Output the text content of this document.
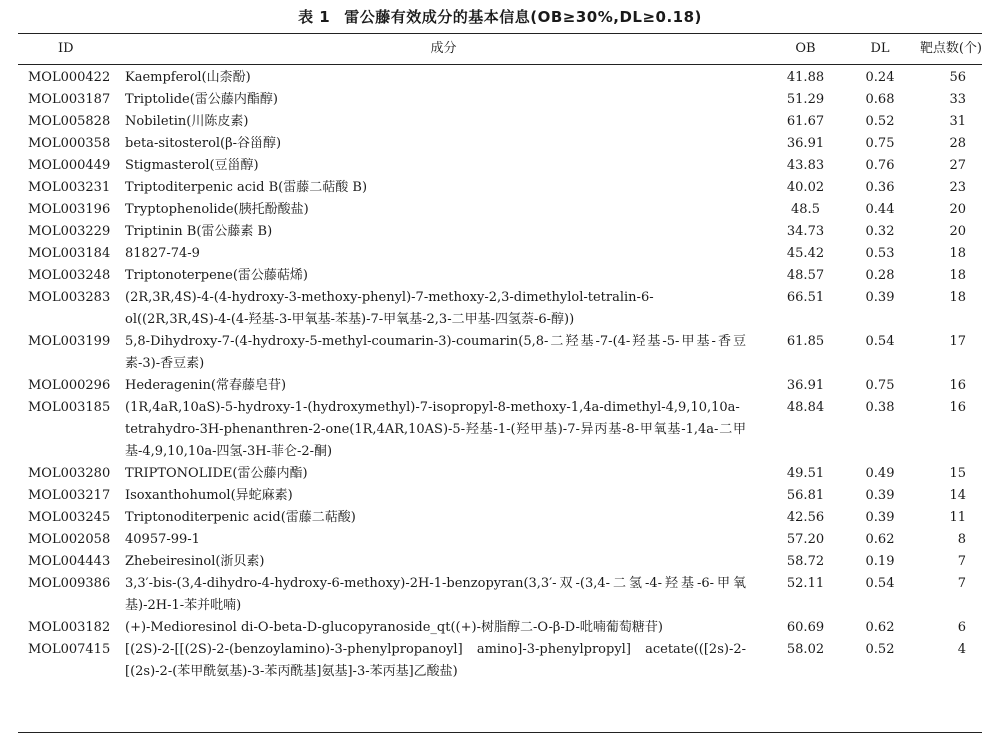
表 1 雷公藤有效成分的基本信息(OB≥30%,DL≥0.18)
ID	成分	OB	DL	靶点数(个)
MOL000422	Kaempferol(山柰酚)	41.88	0.24	56
MOL003187	Triptolide(雷公藤内酯醇)	51.29	0.68	33
MOL005828	Nobiletin(川陈皮素)	61.67	0.52	31
MOL000358	beta-sitosterol(β-谷甾醇)	36.91	0.75	28
MOL000449	Stigmasterol(豆甾醇)	43.83	0.76	27
MOL003231	Triptoditerpenic acid B(雷藤二萜酸 B)	40.02	0.36	23
MOL003196	Tryptophenolide(胰托酚酸盐)	48.5	0.44	20
MOL003229	Triptinin B(雷公藤素 B)	34.73	0.32	20
MOL003184	81827-74-9	45.42	0.53	18
MOL003248	Triptonoterpene(雷公藤萜烯)	48.57	0.28	18
MOL003283	(2R,3R,4S)-4-(4-hydroxy-3-methoxy-phenyl)-7-methoxy-2,3-dimethylol-tetralin-6-ol((2R,3R,4S)-4-(4-羟基-3-甲氧基-苯基)-7-甲氧基-2,3-二甲基-四氢萘-6-醇))	66.51	0.39	18
MOL003199	5,8-Dihydroxy-7-(4-hydroxy-5-methyl-coumarin-3)-coumarin(5,8-二羟基-7-(4-羟基-5-甲基-香豆素-3)-香豆素)	61.85	0.54	17
MOL000296	Hederagenin(常春藤皂苷)	36.91	0.75	16
MOL003185	(1R,4aR,10aS)-5-hydroxy-1-(hydroxymethyl)-7-isopropyl-8-methoxy-1,4a-dimethyl-4,9,10,10a-tetrahydro-3H-phenanthren-2-one(1R,4AR,10AS)-5-羟基-1-(羟甲基)-7-异丙基-8-甲氧基-1,4a-二甲基-4,9,10,10a-四氢-3H-菲仑-2-酮)	48.84	0.38	16
MOL003280	TRIPTONOLIDE(雷公藤内酯)	49.51	0.49	15
MOL003217	Isoxanthohumol(异蛇麻素)	56.81	0.39	14
MOL003245	Triptonoditerpenic acid(雷藤二萜酸)	42.56	0.39	11
MOL002058	40957-99-1	57.20	0.62	8
MOL004443	Zhebeiresinol(浙贝素)	58.72	0.19	7
MOL009386	3,3′-bis-(3,4-dihydro-4-hydroxy-6-methoxy)-2H-1-benzopyran(3,3′-双-(3,4-二氢-4-羟基-6-甲氧基)-2H-1-苯并吡喃)	52.11	0.54	7
MOL003182	(+)-Medioresinol di-O-beta-D-glucopyranoside_qt((+)-树脂醇二-O-β-D-吡喃葡萄糖苷)	60.69	0.62	6
MOL007415	[(2S)-2-[[(2S)-2-(benzoylamino)-3-phenylpropanoyl] amino]-3-phenylpropyl] acetate(([2s)-2-[(2s)-2-(苯甲酰氨基)-3-苯丙酰基]氨基]-3-苯丙基]乙酸盐)	58.02	0.52	4
